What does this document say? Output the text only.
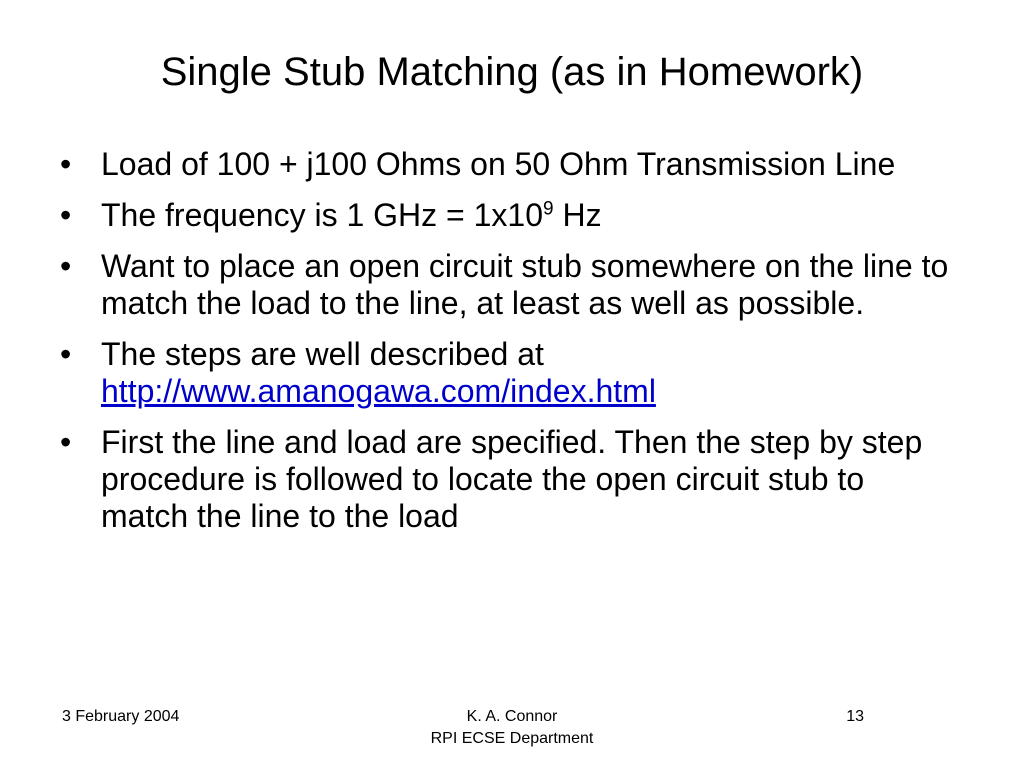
Single Stub Matching (as in Homework)
• Load of 100 + j100 Ohms on 50 Ohm Transmission Line
• The frequency is 1 GHz = $1x10^9$ Hz
• Want to place an open circuit stub somewhere on the line to match the load to the line, at least as well as possible.
• The steps are well described at
http://www.amanogawa.com/index.html
• First the line and load are specified. Then the step by step procedure is followed to locate the open circuit stub to match the line to the load
3 February 2004	K. A. Connor
RPI ECSE Department
13
